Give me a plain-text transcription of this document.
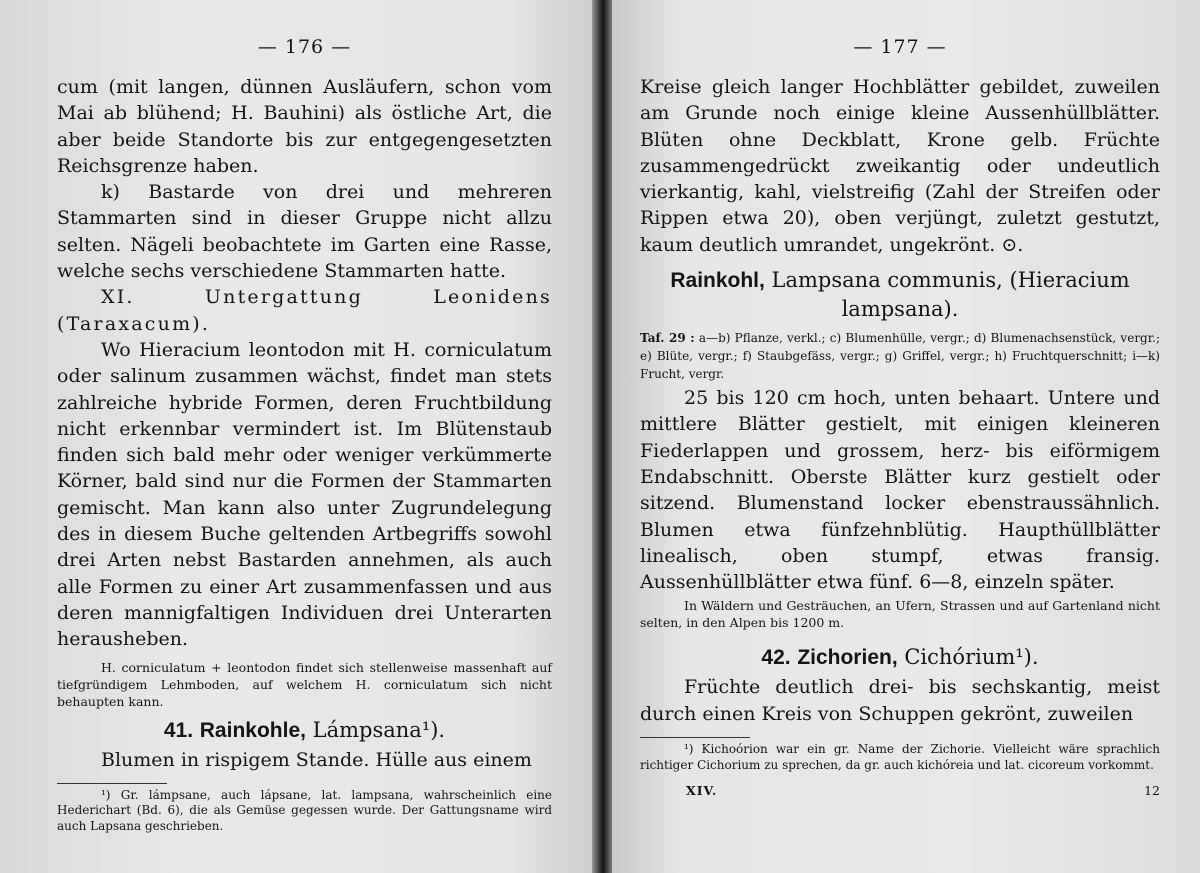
— 176 —

cum (mit langen, dünnen Ausläufern, schon vom Mai ab blühend; H. Bauhini) als östliche Art, die aber beide Standorte bis zur entgegengesetzten Reichsgrenze haben.

k) Bastarde von drei und mehreren Stammarten sind in dieser Gruppe nicht allzu selten. Nägeli beobachtete im Garten eine Rasse, welche sechs verschiedene Stammarten hatte.

XI. Untergattung Leonidens (Taraxacum).

Wo Hieracium leontodon mit H. corniculatum oder salinum zusammen wächst, findet man stets zahlreiche hybride Formen, deren Fruchtbildung nicht erkennbar vermindert ist. Im Blütenstaub finden sich bald mehr oder weniger verkümmerte Körner, bald sind nur die Formen der Stammarten gemischt. Man kann also unter Zugrundelegung des in diesem Buche geltenden Artbegriffs sowohl drei Arten nebst Bastarden annehmen, als auch alle Formen zu einer Art zusammenfassen und aus deren mannigfaltigen Individuen drei Unterarten herausheben.

H. corniculatum + leontodon findet sich stellenweise massenhaft auf tiefgründigem Lehmboden, auf welchem H. corniculatum sich nicht behaupten kann.

41. Rainkohle, Lámpsana¹).

Blumen in rispigem Stande. Hülle aus einem

¹) Gr. lámpsane, auch lápsane, lat. lampsana, wahrscheinlich eine Hederichart (Bd. 6), die als Gemüse gegessen wurde. Der Gattungsname wird auch Lapsana geschrieben.

— 177 —

Kreise gleich langer Hochblätter gebildet, zuweilen am Grunde noch einige kleine Aussenhüllblätter. Blüten ohne Deckblatt, Krone gelb. Früchte zusammengedrückt zweikantig oder undeutlich vierkantig, kahl, vielstreifig (Zahl der Streifen oder Rippen etwa 20), oben verjüngt, zuletzt gestutzt, kaum deutlich umrandet, ungekrönt. ⊙.

Rainkohl, Lampsana communis, (Hieracium lampsana).

Taf. 29 : a—b) Pflanze, verkl.; c) Blumenhülle, vergr.; d) Blumenachsenstück, vergr.; e) Blüte, vergr.; f) Staubgefäss, vergr.; g) Griffel, vergr.; h) Fruchtquerschnitt; i—k) Frucht, vergr.

25 bis 120 cm hoch, unten behaart. Untere und mittlere Blätter gestielt, mit einigen kleineren Fiederlappen und grossem, herz- bis eiförmigem Endabschnitt. Oberste Blätter kurz gestielt oder sitzend. Blumenstand locker ebenstraussähnlich. Blumen etwa fünfzehnblütig. Haupthüllblätter linealisch, oben stumpf, etwas fransig. Aussenhüllblätter etwa fünf. 6—8, einzeln später.

In Wäldern und Gesträuchen, an Ufern, Strassen und auf Gartenland nicht selten, in den Alpen bis 1200 m.

42. Zichorien, Cichórium¹).

Früchte deutlich drei- bis sechskantig, meist durch einen Kreis von Schuppen gekrönt, zuweilen

¹) Kichoórion war ein gr. Name der Zichorie. Vielleicht wäre sprachlich richtiger Cichorium zu sprechen, da gr. auch kichóreia und lat. cicoreum vorkommt.

XIV.	12
